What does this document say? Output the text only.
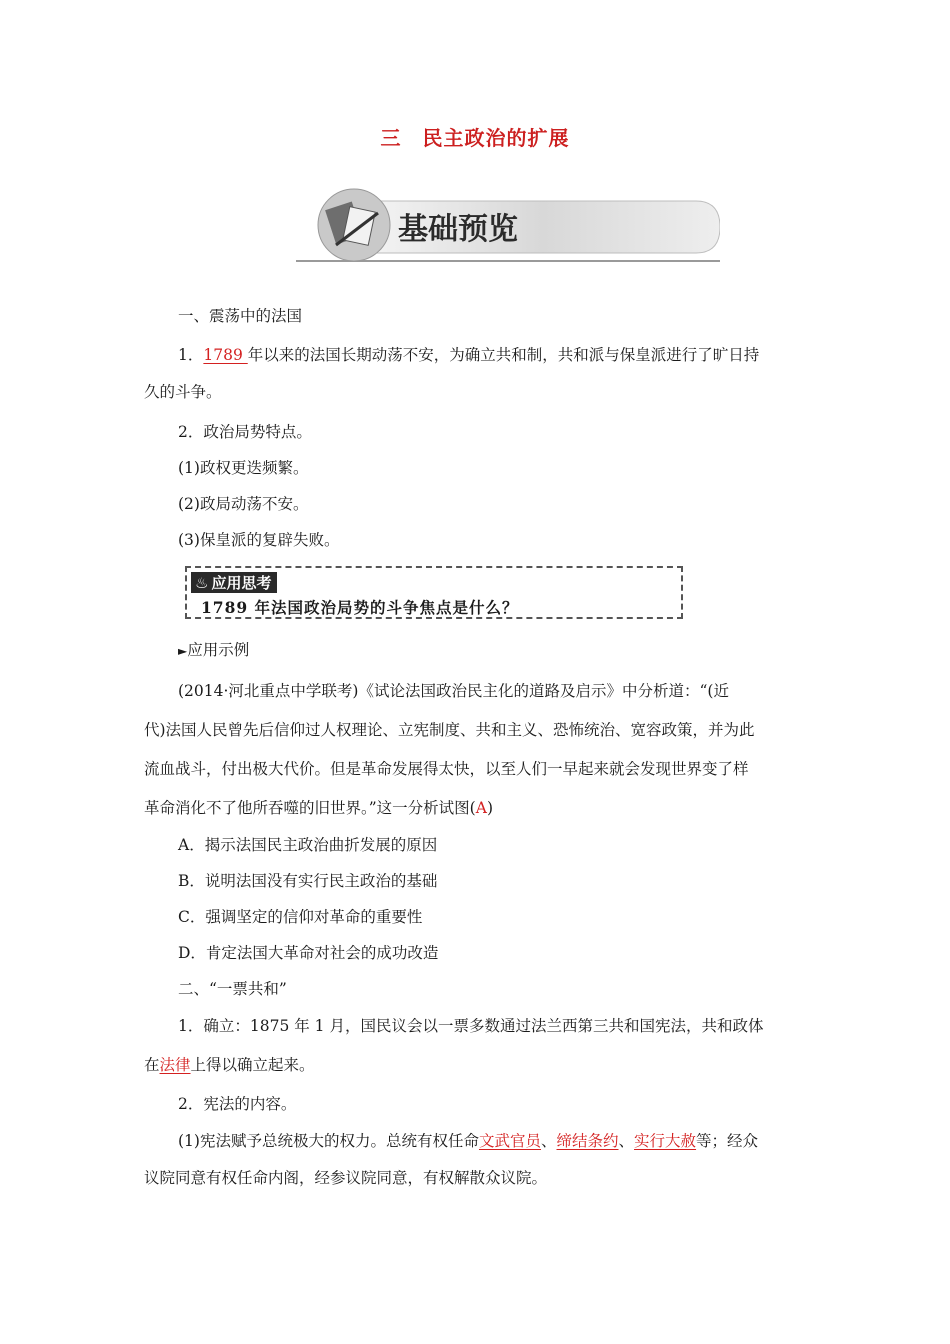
三　民主政治的扩展
基础预览
一、震荡中的法国
1．1789 年以来的法国长期动荡不安，为确立共和制，共和派与保皇派进行了旷日持
久的斗争。
2．政治局势特点。
(1)政权更迭频繁。
(2)政局动荡不安。
(3)保皇派的复辟失败。
♨ 应用思考
1789 年法国政治局势的斗争焦点是什么？
►应用示例
(2014·河北重点中学联考)《试论法国政治民主化的道路及启示》中分析道：“(近
代)法国人民曾先后信仰过人权理论、立宪制度、共和主义、恐怖统治、宽容政策，并为此
流血战斗，付出极大代价。但是革命发展得太快，以至人们一早起来就会发现世界变了样
革命消化不了他所吞噬的旧世界。”这一分析试图(A)
A．揭示法国民主政治曲折发展的原因
B．说明法国没有实行民主政治的基础
C．强调坚定的信仰对革命的重要性
D．肯定法国大革命对社会的成功改造
二、“一票共和”
1．确立：1875 年 1 月，国民议会以一票多数通过法兰西第三共和国宪法，共和政体
在法律上得以确立起来。
2．宪法的内容。
(1)宪法赋予总统极大的权力。总统有权任命文武官员、缔结条约、实行大赦等；经众
议院同意有权任命内阁，经参议院同意，有权解散众议院。
